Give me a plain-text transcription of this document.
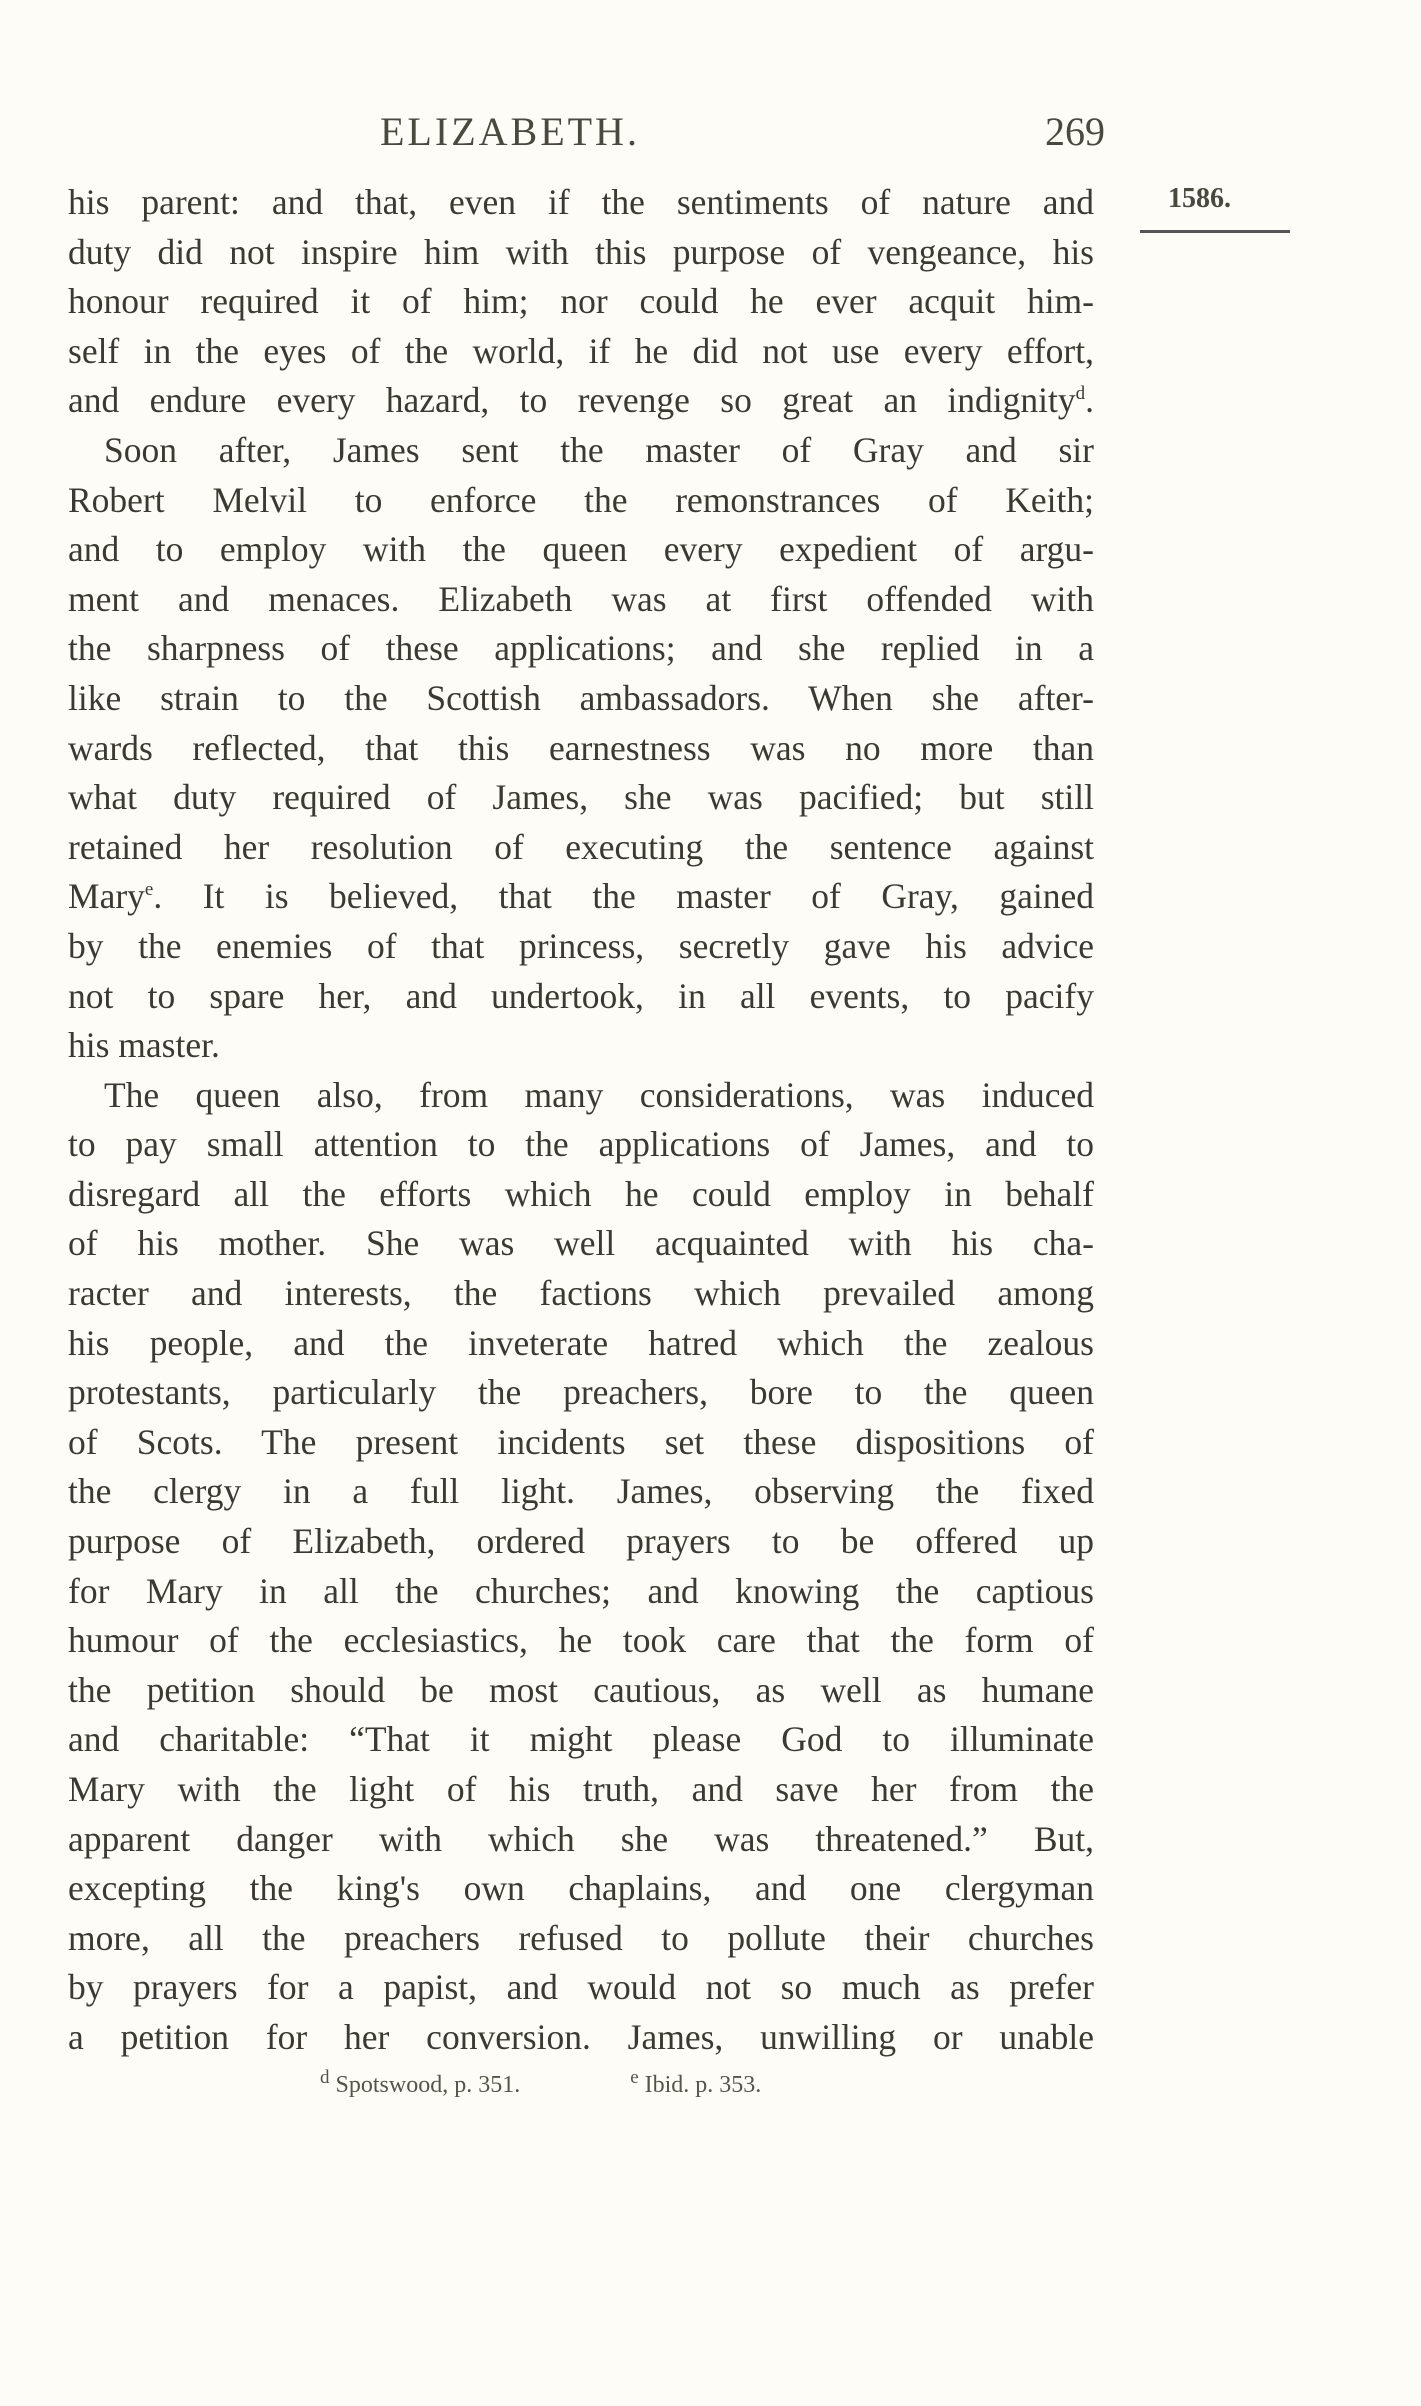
ELIZABETH.	269
1586.
his parent: and that, even if the sentiments of nature and
duty did not inspire him with this purpose of vengeance, his
honour required it of him; nor could he ever acquit him-
self in the eyes of the world, if he did not use every effort,
and endure every hazard, to revenge so great an indignity$^d$.
Soon after, James sent the master of Gray and sir
Robert Melvil to enforce the remonstrances of Keith;
and to employ with the queen every expedient of argu-
ment and menaces. Elizabeth was at first offended with
the sharpness of these applications; and she replied in a
like strain to the Scottish ambassadors. When she after-
wards reflected, that this earnestness was no more than
what duty required of James, she was pacified; but still
retained her resolution of executing the sentence against
Mary$^e$. It is believed, that the master of Gray, gained
by the enemies of that princess, secretly gave his advice
not to spare her, and undertook, in all events, to pacify
his master.
The queen also, from many considerations, was induced
to pay small attention to the applications of James, and to
disregard all the efforts which he could employ in behalf
of his mother. She was well acquainted with his cha-
racter and interests, the factions which prevailed among
his people, and the inveterate hatred which the zealous
protestants, particularly the preachers, bore to the queen
of Scots. The present incidents set these dispositions of
the clergy in a full light. James, observing the fixed
purpose of Elizabeth, ordered prayers to be offered up
for Mary in all the churches; and knowing the captious
humour of the ecclesiastics, he took care that the form of
the petition should be most cautious, as well as humane
and charitable: “That it might please God to illuminate
Mary with the light of his truth, and save her from the
apparent danger with which she was threatened.” But,
excepting the king's own chaplains, and one clergyman
more, all the preachers refused to pollute their churches
by prayers for a papist, and would not so much as prefer
a petition for her conversion. James, unwilling or unable
$^d$ Spotswood, p. 351.	$^e$ Ibid. p. 353.
